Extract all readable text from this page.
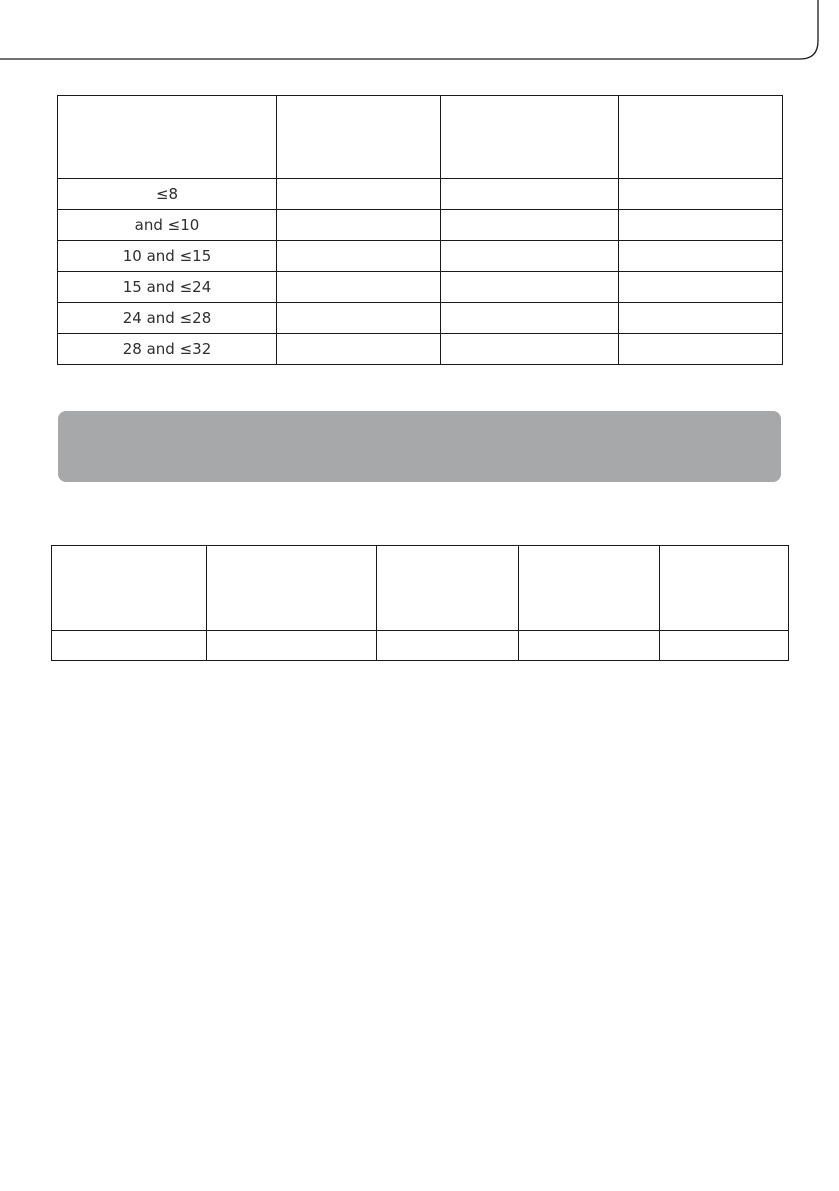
≤8			
and ≤10			
10 and ≤15			
15 and ≤24			
24 and ≤28			
28 and ≤32			
